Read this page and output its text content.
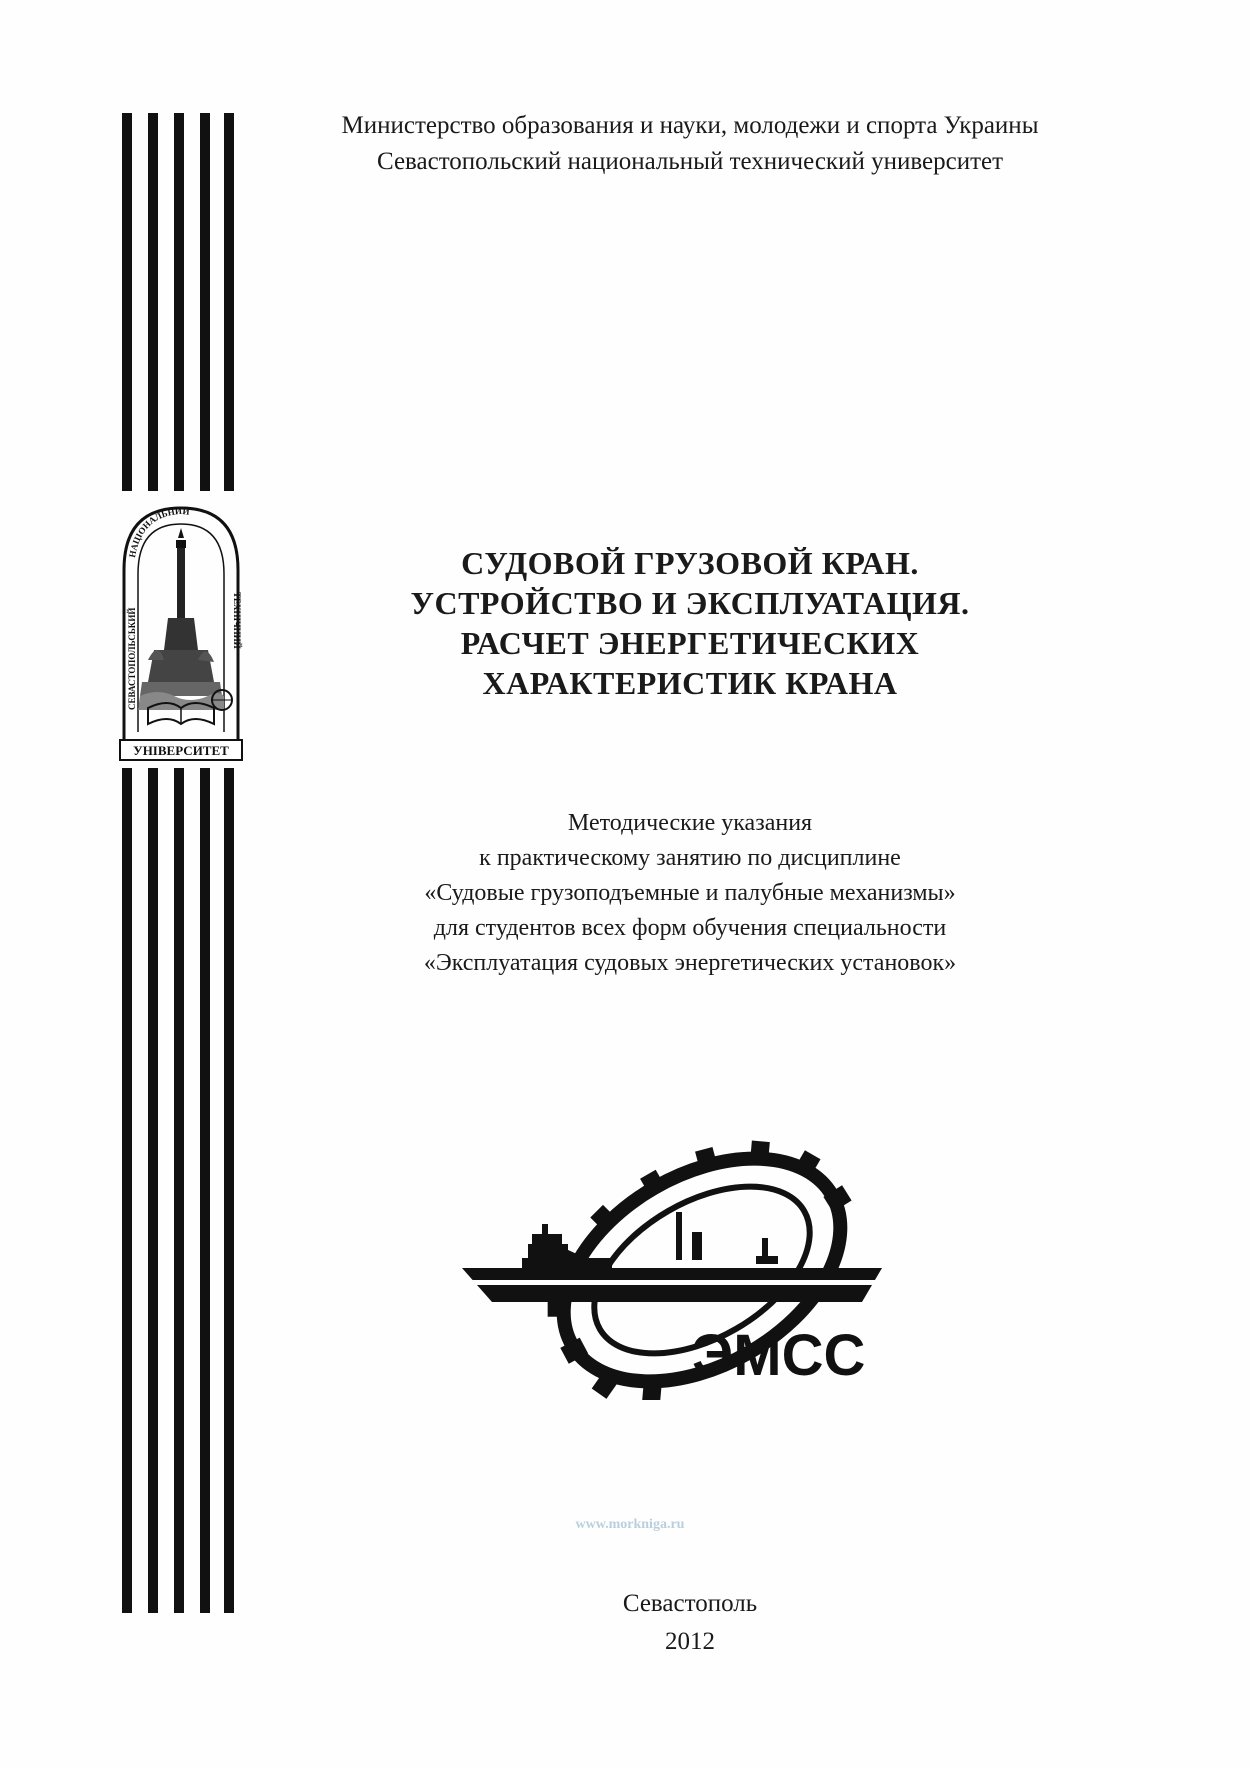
НАЦІОНАЛЬНИЙ
СЕВАСТОПОЛЬСЬКИЙ	ТЕХНІЧНИЙ
УНІВЕРСИТЕТ
Министерство образования и науки, молодежи и спорта Украины
Севастопольский национальный технический университет
СУДОВОЙ ГРУЗОВОЙ КРАН.
УСТРОЙСТВО И ЭКСПЛУАТАЦИЯ.
РАСЧЕТ ЭНЕРГЕТИЧЕСКИХ
ХАРАКТЕРИСТИК КРАНА
Методические указания
к практическому занятию по дисциплине
«Судовые грузоподъемные и палубные механизмы»
для студентов всех форм обучения специальности
«Эксплуатация судовых энергетических установок»
ЭМСС
www.morkniga.ru
Севастополь
2012
